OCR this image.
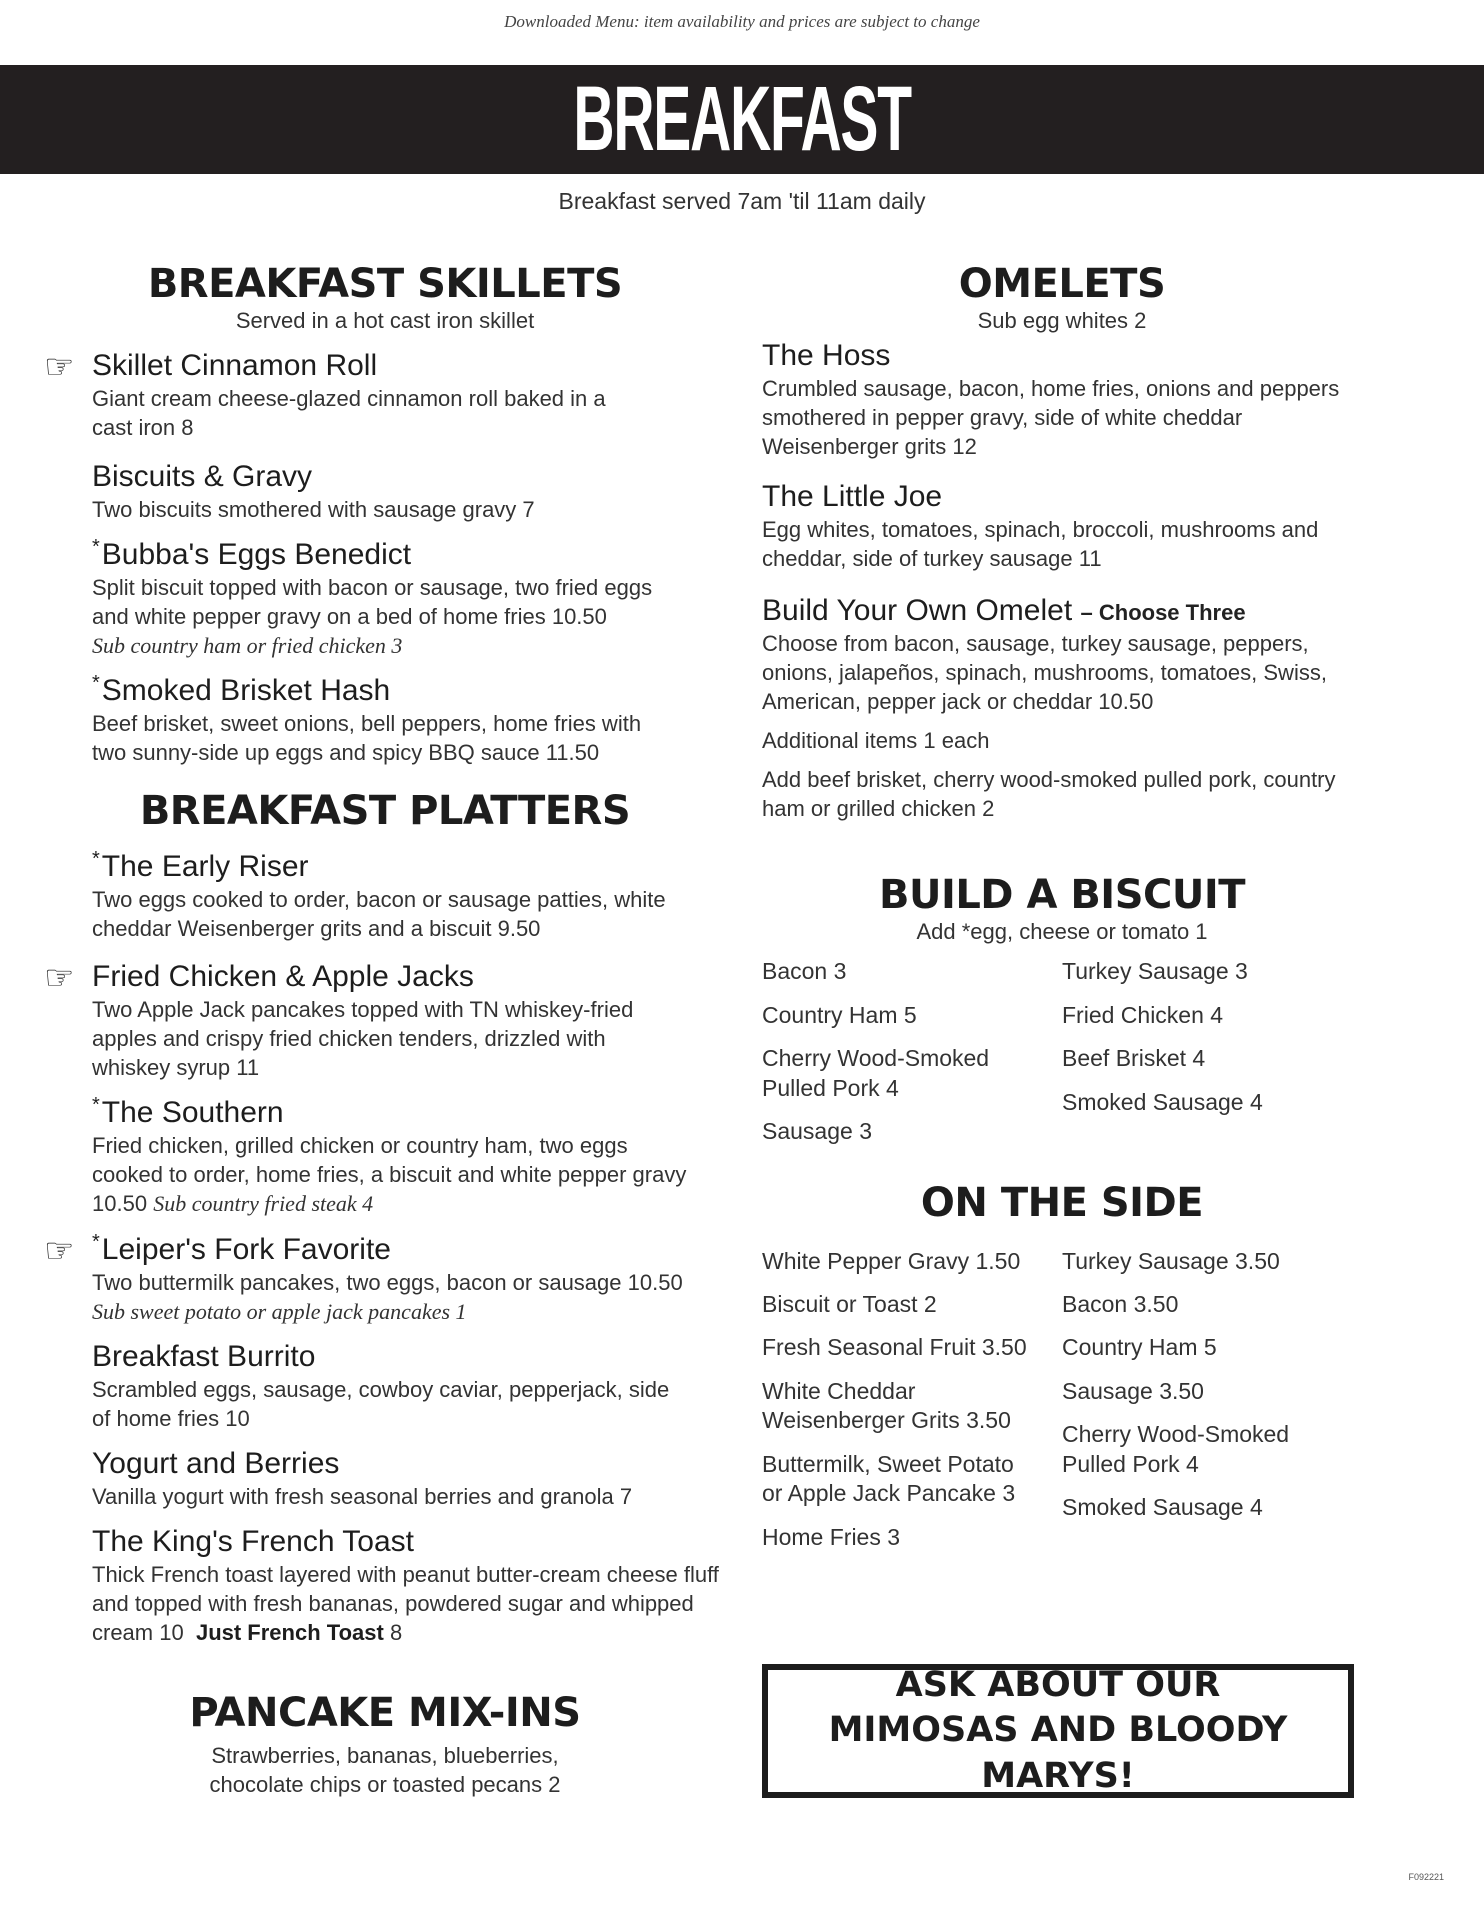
Downloaded Menu: item availability and prices are subject to change
BREAKFAST
Breakfast served 7am 'til 11am daily
BREAKFAST SKILLETS
Served in a hot cast iron skillet
☞ Skillet Cinnamon Roll
Giant cream cheese-glazed cinnamon roll baked in a cast iron 8
Biscuits & Gravy
Two biscuits smothered with sausage gravy 7
*Bubba's Eggs Benedict
Split biscuit topped with bacon or sausage, two fried eggs and white pepper gravy on a bed of home fries 10.50
Sub country ham or fried chicken 3
*Smoked Brisket Hash
Beef brisket, sweet onions, bell peppers, home fries with two sunny-side up eggs and spicy BBQ sauce 11.50
BREAKFAST PLATTERS
*The Early Riser
Two eggs cooked to order, bacon or sausage patties, white cheddar Weisenberger grits and a biscuit 9.50
☞ Fried Chicken & Apple Jacks
Two Apple Jack pancakes topped with TN whiskey-fried apples and crispy fried chicken tenders, drizzled with whiskey syrup 11
*The Southern
Fried chicken, grilled chicken or country ham, two eggs cooked to order, home fries, a biscuit and white pepper gravy 10.50 Sub country fried steak 4
☞ *Leiper's Fork Favorite
Two buttermilk pancakes, two eggs, bacon or sausage 10.50
Sub sweet potato or apple jack pancakes 1
Breakfast Burrito
Scrambled eggs, sausage, cowboy caviar, pepperjack, side of home fries 10
Yogurt and Berries
Vanilla yogurt with fresh seasonal berries and granola 7
The King's French Toast
Thick French toast layered with peanut butter-cream cheese fluff and topped with fresh bananas, powdered sugar and whipped cream 10 Just French Toast 8
PANCAKE MIX-INS
Strawberries, bananas, blueberries, chocolate chips or toasted pecans 2
OMELETS
Sub egg whites 2
The Hoss
Crumbled sausage, bacon, home fries, onions and peppers smothered in pepper gravy, side of white cheddar Weisenberger grits 12
The Little Joe
Egg whites, tomatoes, spinach, broccoli, mushrooms and cheddar, side of turkey sausage 11
Build Your Own Omelet – Choose Three
Choose from bacon, sausage, turkey sausage, peppers, onions, jalapeños, spinach, mushrooms, tomatoes, Swiss, American, pepper jack or cheddar 10.50
Additional items 1 each
Add beef brisket, cherry wood-smoked pulled pork, country ham or grilled chicken 2
BUILD A BISCUIT
Add *egg, cheese or tomato 1
Bacon 3
Country Ham 5
Cherry Wood-Smoked Pulled Pork 4
Sausage 3
Turkey Sausage 3
Fried Chicken 4
Beef Brisket 4
Smoked Sausage 4
ON THE SIDE
White Pepper Gravy 1.50
Biscuit or Toast 2
Fresh Seasonal Fruit 3.50
White Cheddar Weisenberger Grits 3.50
Buttermilk, Sweet Potato or Apple Jack Pancake 3
Home Fries 3
Turkey Sausage 3.50
Bacon 3.50
Country Ham 5
Sausage 3.50
Cherry Wood-Smoked Pulled Pork 4
Smoked Sausage 4
ASK ABOUT OUR MIMOSAS AND BLOODY MARYS!
F092221
